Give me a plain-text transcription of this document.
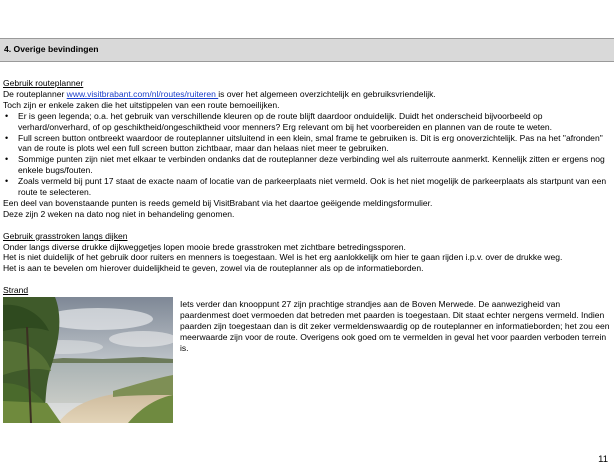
4. Overige bevindingen

Gebruik routeplanner

De routeplanner www.visitbrabant.com/nl/routes/ruiteren is over het algemeen overzichtelijk en gebruiksvriendelijk.

Toch zijn er enkele zaken die het uitstippelen van een route bemoeilijken.

• Er is geen legenda; o.a. het gebruik van verschillende kleuren op de route blijft daardoor onduidelijk. Duidt het onderscheid bijvoorbeeld op verhard/onverhard, of op geschiktheid/ongeschiktheid voor menners? Erg relevant om bij het voorbereiden en plannen van de route te weten.
• Full screen button ontbreekt waardoor de routeplanner uitsluitend in een klein, smal frame te gebruiken is. Dit is erg onoverzichtelijk. Pas na het "afronden" van de route is plots wel een full screen button zichtbaar, maar dan helaas niet meer te gebruiken.
• Sommige punten zijn niet met elkaar te verbinden ondanks dat de routeplanner deze verbinding wel als ruiterroute aanmerkt. Kennelijk zitten er ergens nog enkele bugs/fouten.
• Zoals vermeld bij punt 17 staat de exacte naam of locatie van de parkeerplaats niet vermeld. Ook is het niet mogelijk de parkeerplaats als startpunt van een route te selecteren.

Een deel van bovenstaande punten is reeds gemeld bij VisitBrabant via het daartoe geëigende meldingsformulier.

Deze zijn 2 weken na dato nog niet in behandeling genomen.

Gebruik grasstroken langs dijken

Onder langs diverse drukke dijkweggetjes lopen mooie brede grasstroken met zichtbare betredingssporen.

Het is niet duidelijk of het gebruik door ruiters en menners is toegestaan. Wel is het erg aanlokkelijk om hier te gaan rijden i.p.v. over de drukke weg.

Het is aan te bevelen om hierover duidelijkheid te geven, zowel via de routeplanner als op de informatieborden.

Strand

Iets verder dan knooppunt 27 zijn prachtige strandjes aan de Boven Merwede. De aanwezigheid van paardenmest doet vermoeden dat betreden met paarden is toegestaan. Dit staat echter nergens vermeld. Indien paarden zijn toegestaan dan is dit zeker vermeldenswaardig op de routeplanner en informatieborden; het zou een meerwaarde zijn voor de route. Overigens ook goed om te vermelden in geval het voor paarden verboden terrein is.

11
